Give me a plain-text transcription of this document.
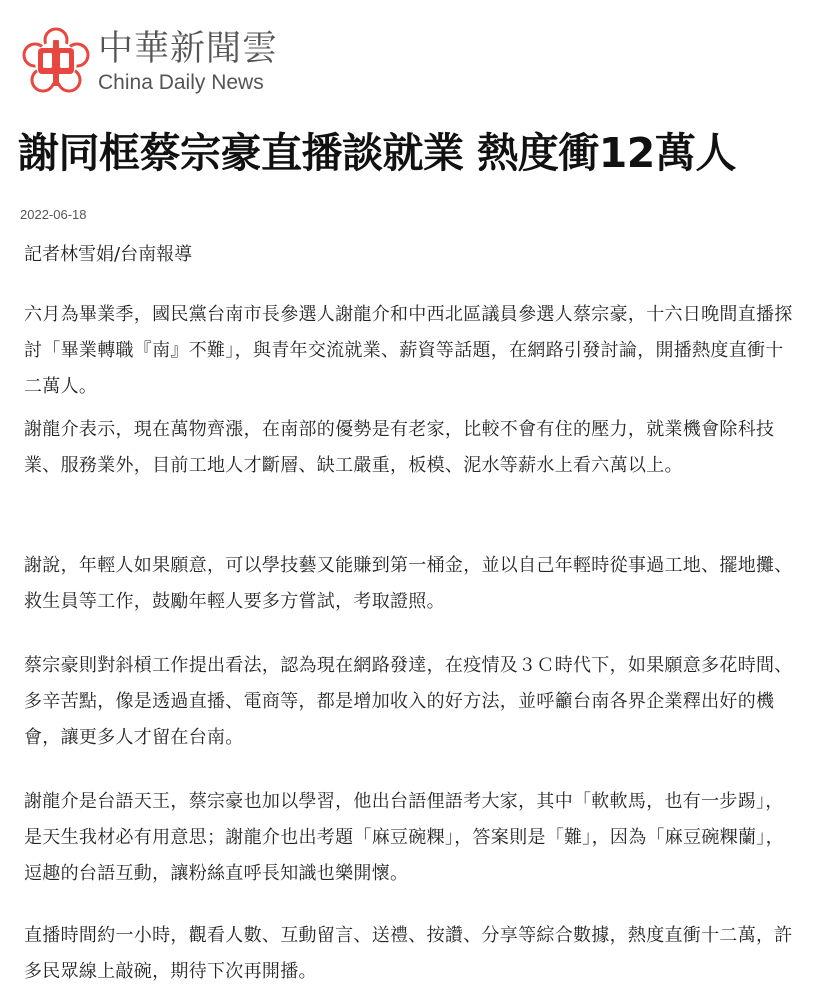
中華新聞雲
China Daily News
謝同框蔡宗豪直播談就業 熱度衝12萬人
2022-06-18
記者林雪娟/台南報導

六月為畢業季，國民黨台南市長參選人謝龍介和中西北區議員參選人蔡宗豪，十六日晚間直播探討「畢業轉職『南』不難」，與青年交流就業、薪資等話題，在網路引發討論，開播熱度直衝十二萬人。

謝龍介表示，現在萬物齊漲，在南部的優勢是有老家，比較不會有住的壓力，就業機會除科技業、服務業外，目前工地人才斷層、缺工嚴重，板模、泥水等薪水上看六萬以上。

謝說，年輕人如果願意，可以學技藝又能賺到第一桶金，並以自己年輕時從事過工地、擺地攤、救生員等工作，鼓勵年輕人要多方嘗試，考取證照。

蔡宗豪則對斜槓工作提出看法，認為現在網路發達，在疫情及３Ｃ時代下，如果願意多花時間、多辛苦點，像是透過直播、電商等，都是增加收入的好方法，並呼籲台南各界企業釋出好的機會，讓更多人才留在台南。

謝龍介是台語天王，蔡宗豪也加以學習，他出台語俚語考大家，其中「軟軟馬，也有一步踢」，是天生我材必有用意思；謝龍介也出考題「麻豆碗粿」，答案則是「難」，因為「麻豆碗粿蘭」，逗趣的台語互動，讓粉絲直呼長知識也樂開懷。

直播時間約一小時，觀看人數、互動留言、送禮、按讚、分享等綜合數據，熱度直衝十二萬，許多民眾線上敲碗，期待下次再開播。
